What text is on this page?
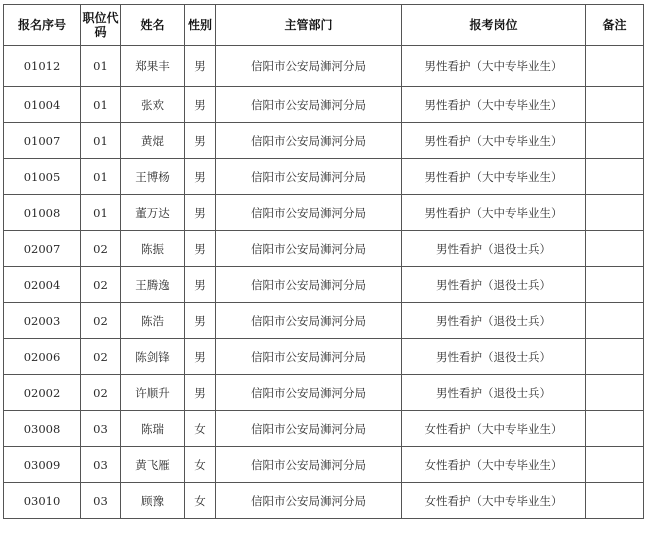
报名序号	职位代码	姓名	性别	主管部门	报考岗位	备注
01012	01	郑果丰	男	信阳市公安局浉河分局	男性看护（大中专毕业生）	
01004	01	张欢	男	信阳市公安局浉河分局	男性看护（大中专毕业生）	
01007	01	黄焜	男	信阳市公安局浉河分局	男性看护（大中专毕业生）	
01005	01	王博杨	男	信阳市公安局浉河分局	男性看护（大中专毕业生）	
01008	01	董万达	男	信阳市公安局浉河分局	男性看护（大中专毕业生）	
02007	02	陈振	男	信阳市公安局浉河分局	男性看护（退役士兵）	
02004	02	王腾逸	男	信阳市公安局浉河分局	男性看护（退役士兵）	
02003	02	陈浩	男	信阳市公安局浉河分局	男性看护（退役士兵）	
02006	02	陈剑锋	男	信阳市公安局浉河分局	男性看护（退役士兵）	
02002	02	许顺升	男	信阳市公安局浉河分局	男性看护（退役士兵）	
03008	03	陈瑞	女	信阳市公安局浉河分局	女性看护（大中专毕业生）	
03009	03	黄飞雁	女	信阳市公安局浉河分局	女性看护（大中专毕业生）	
03010	03	顾豫	女	信阳市公安局浉河分局	女性看护（大中专毕业生）	
